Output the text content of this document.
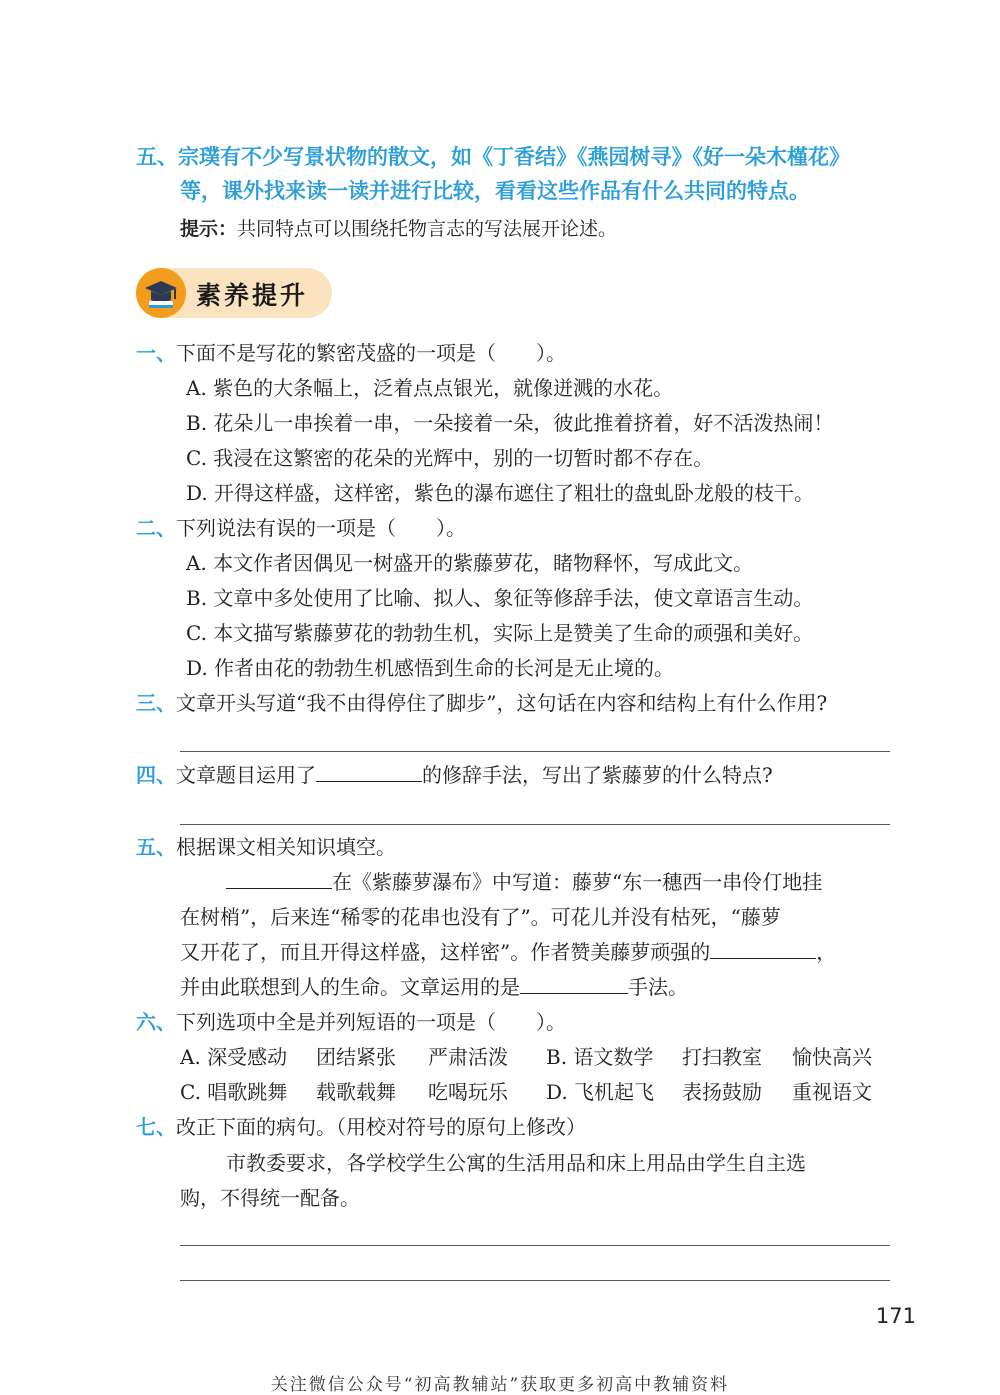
五、宗璞有不少写景状物的散文，如《丁香结》《燕园树寻》《好一朵木槿花》
等，课外找来读一读并进行比较，看看这些作品有什么共同的特点。
提示：共同特点可以围绕托物言志的写法展开论述。
素养提升
一、下面不是写花的繁密茂盛的一项是（　　）。
A. 紫色的大条幅上，泛着点点银光，就像迸溅的水花。
B. 花朵儿一串挨着一串，一朵接着一朵，彼此推着挤着，好不活泼热闹！
C. 我浸在这繁密的花朵的光辉中，别的一切暂时都不存在。
D. 开得这样盛，这样密，紫色的瀑布遮住了粗壮的盘虬卧龙般的枝干。
二、下列说法有误的一项是（　　）。
A. 本文作者因偶见一树盛开的紫藤萝花，睹物释怀，写成此文。
B. 文章中多处使用了比喻、拟人、象征等修辞手法，使文章语言生动。
C. 本文描写紫藤萝花的勃勃生机，实际上是赞美了生命的顽强和美好。
D. 作者由花的勃勃生机感悟到生命的长河是无止境的。
三、文章开头写道“我不由得停住了脚步”，这句话在内容和结构上有什么作用?
四、文章题目运用了	的修辞手法，写出了紫藤萝的什么特点?
五、根据课文相关知识填空。
在《紫藤萝瀑布》中写道：藤萝“东一穗西一串伶仃地挂
在树梢”，后来连“稀零的花串也没有了”。可花儿并没有枯死，“藤萝
又开花了，而且开得这样盛，这样密”。作者赞美藤萝顽强的	，
并由此联想到人的生命。文章运用的是	手法。
六、下列选项中全是并列短语的一项是（　　）。
A. 深受感动 团结紧张 严肃活泼 B. 语文数学 打扫教室 愉快高兴
C. 唱歌跳舞 载歌载舞 吃喝玩乐 D. 飞机起飞 表扬鼓励 重视语文
七、改正下面的病句。（用校对符号的原句上修改）
市教委要求，各学校学生公寓的生活用品和床上用品由学生自主选
购，不得统一配备。
171
关注微信公众号“初高教辅站”获取更多初高中教辅资料
